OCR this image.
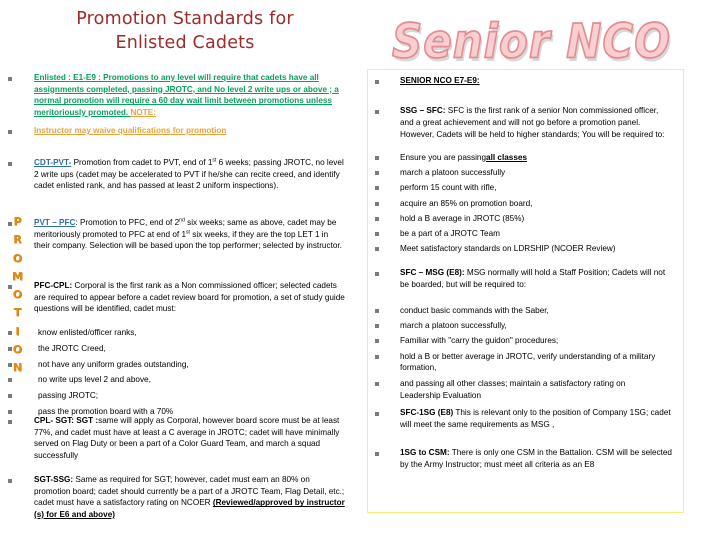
Promotion Standards for
Enlisted Cadets	Senior NCO
P
R
O
M
O
T
I
O
N
Enlisted : E1-E9 : Promotions to any level will require that cadets have all assignments completed, passing JROTC, and No level 2 write ups or above ; a normal promotion will require a 60 day wait limit between promotions unless meritoriously promoted. NOTE:
Instructor may waive qualifications for promotion
CDT-PVT- Promotion from cadet to PVT, end of 1st 6 weeks; passing JROTC, no level 2 write ups (cadet may be accelerated to PVT if he/she can recite creed, and identify cadet enlisted rank, and has passed at least 2 uniform inspections).
PVT – PFC: Promotion to PFC, end of 2nd six weeks; same as above, cadet may be meritoriously promoted to PFC at end of 1st six weeks, if they are the top LET 1 in their company. Selection will be based upon the top performer; selected by instructor.
PFC-CPL: Corporal is the first rank as a Non commissioned officer; selected cadets are required to appear before a cadet review board for promotion, a set of study guide questions will be identified, cadet must:
know enlisted/officer ranks,
the JROTC Creed,
not have any uniform grades outstanding,
no write ups level 2 and above,
passing JROTC;
pass the promotion board with a 70%
CPL- SGT: SGT :same will apply as Corporal, however board score must be at least 77%, and cadet must have at least a C average in JROTC; cadet will have minimally served on Flag Duty or been a part of a Color Guard Team, and march a squad successfully
SGT-SSG: Same as required for SGT; however, cadet must earn an 80% on promotion board; cadet should currently be a part of a JROTC Team, Flag Detail, etc.; cadet must have a satisfactory rating on NCOER (Reviewed/approved by instructor (s) for E6 and above)
SENIOR NCO E7-E9:
SSG – SFC: SFC is the first rank of a senior Non commissioned officer, and a great achievement and will not go before a promotion panel. However, Cadets will be held to higher standards; You will be required to:
Ensure you are passingall classes
march a platoon successfully
perform 15 count with rifle,
acquire an 85% on promotion board,
hold a B average in JROTC (85%)
be a part of a JROTC Team
Meet satisfactory standards on LDRSHIP (NCOER Review)
SFC – MSG (E8): MSG normally will hold a Staff Position; Cadets will not be boarded, but will be required to:
conduct basic commands with the Saber,
march a platoon successfully,
Familiar with "carry the guidon" procedures;
hold a B or better average in JROTC, verify understanding of a military formation,
and passing all other classes; maintain a satisfactory rating on Leadership Evaluation
SFC-1SG (E8) This is relevant only to the position of Company 1SG; cadet will meet the same requirements as MSG ,
1SG to CSM: There is only one CSM in the Battalion. CSM will be selected by the Army Instructor; must meet all criteria as an E8
